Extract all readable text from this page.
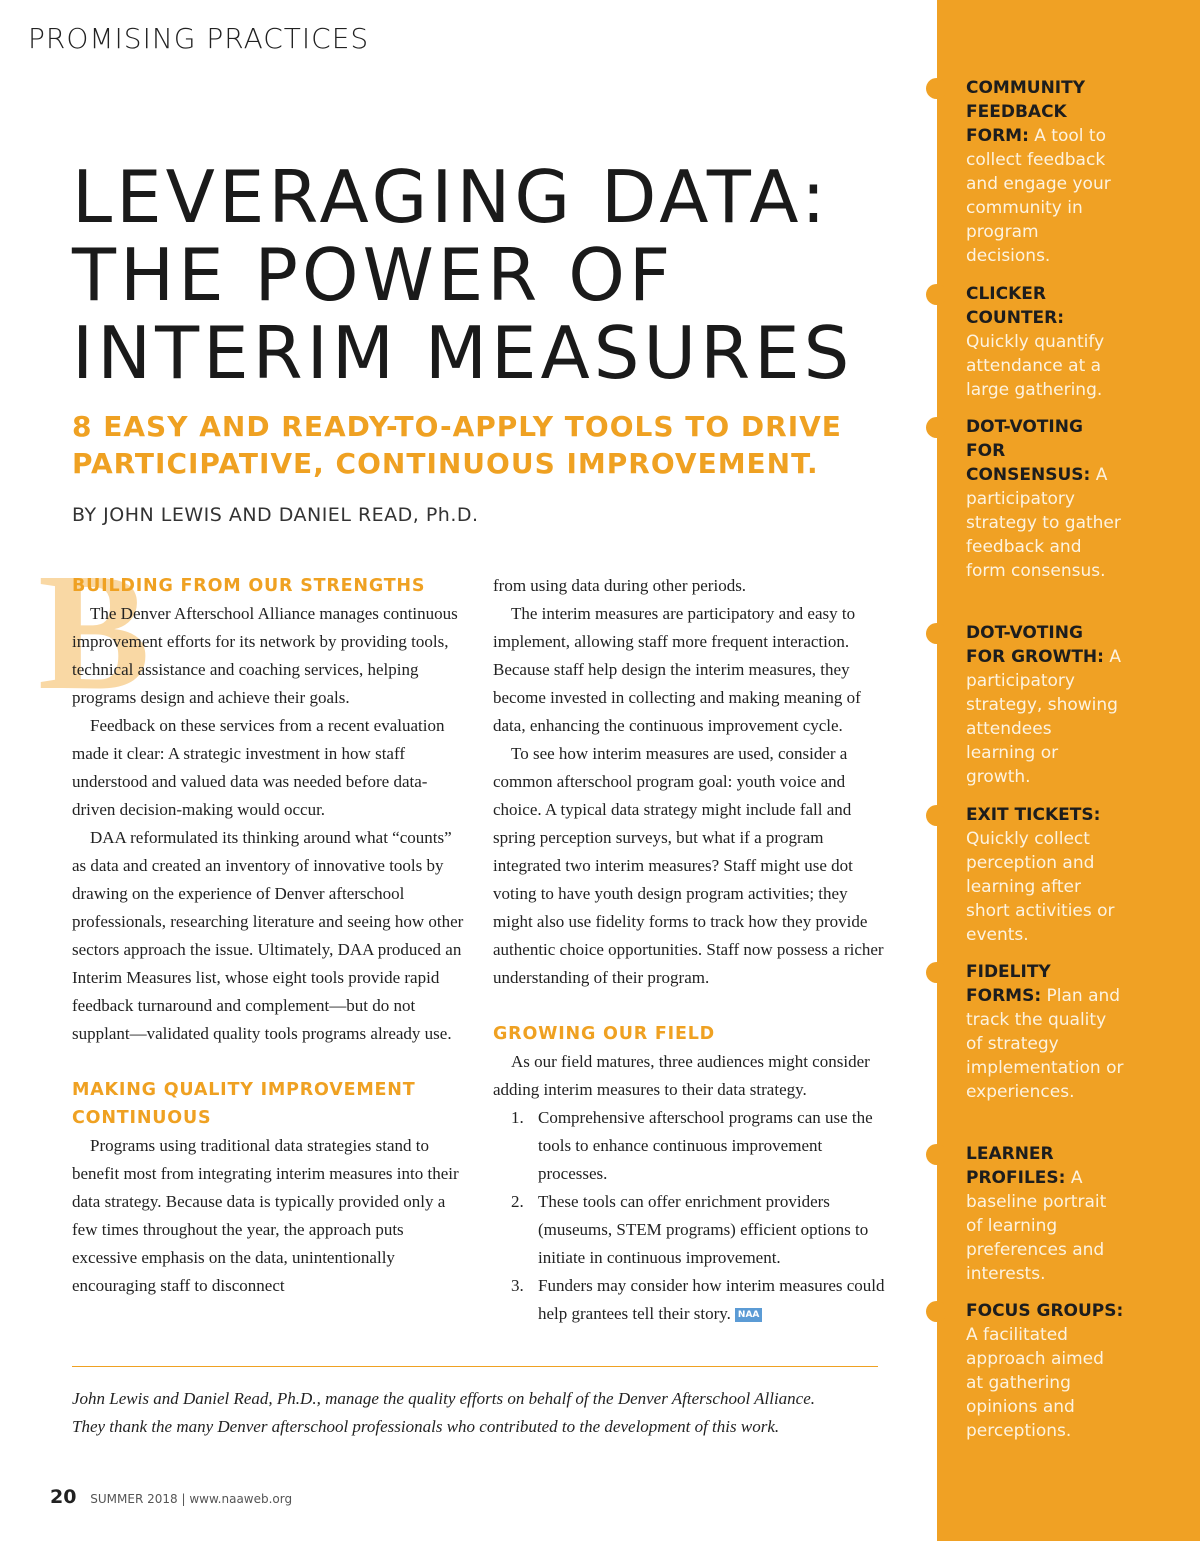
PROMISING PRACTICES
LEVERAGING DATA:
THE POWER OF
INTERIM MEASURES
8 EASY AND READY-TO-APPLY TOOLS TO DRIVE
PARTICIPATIVE, CONTINUOUS IMPROVEMENT.
BY JOHN LEWIS AND DANIEL READ, Ph.D.
B
BUILDING FROM OUR STRENGTHS

The Denver Afterschool Alliance manages continuous improvement efforts for its network by providing tools, technical assistance and coaching services, helping programs design and achieve their goals.

Feedback on these services from a recent evaluation made it clear: A strategic investment in how staff understood and valued data was needed before data-driven decision-making would occur.

DAA reformulated its thinking around what “counts” as data and created an inventory of innovative tools by drawing on the experience of Denver afterschool professionals, researching literature and seeing how other sectors approach the issue. Ultimately, DAA produced an Interim Measures list, whose eight tools provide rapid feedback turnaround and complement—but do not supplant—validated quality tools programs already use.

MAKING QUALITY IMPROVEMENT CONTINUOUS

Programs using traditional data strategies stand to benefit most from integrating interim measures into their data strategy. Because data is typically provided only a few times throughout the year, the approach puts excessive emphasis on the data, unintentionally encouraging staff to disconnect

from using data during other periods.

The interim measures are participatory and easy to implement, allowing staff more frequent interaction. Because staff help design the interim measures, they become invested in collecting and making meaning of data, enhancing the continuous improvement cycle.

To see how interim measures are used, consider a common afterschool program goal: youth voice and choice. A typical data strategy might include fall and spring perception surveys, but what if a program integrated two interim measures? Staff might use dot voting to have youth design program activities; they might also use fidelity forms to track how they provide authentic choice opportunities. Staff now possess a richer understanding of their program.

GROWING OUR FIELD

As our field matures, three audiences might consider adding interim measures to their data strategy.

1. Comprehensive afterschool programs can use the tools to enhance continuous improvement processes.
2. These tools can offer enrichment providers (museums, STEM programs) efficient options to initiate in continuous improvement.
3. Funders may consider how interim measures could help grantees tell their story. NAA
John Lewis and Daniel Read, Ph.D., manage the quality efforts on behalf of the Denver Afterschool Alliance.
They thank the many Denver afterschool professionals who contributed to the development of this work.
20 SUMMER 2018 | www.naaweb.org
COMMUNITY FEEDBACK FORM: A tool to collect feedback and engage your community in program decisions.
CLICKER COUNTER: Quickly quantify attendance at a large gathering.
DOT-VOTING FOR CONSENSUS: A participatory strategy to gather feedback and form consensus.
DOT-VOTING FOR GROWTH: A participatory strategy, showing attendees learning or growth.
EXIT TICKETS: Quickly collect perception and learning after short activities or events.
FIDELITY FORMS: Plan and track the quality of strategy implementation or experiences.
LEARNER PROFILES: A baseline portrait of learning preferences and interests.
FOCUS GROUPS: A facilitated approach aimed at gathering opinions and perceptions.
